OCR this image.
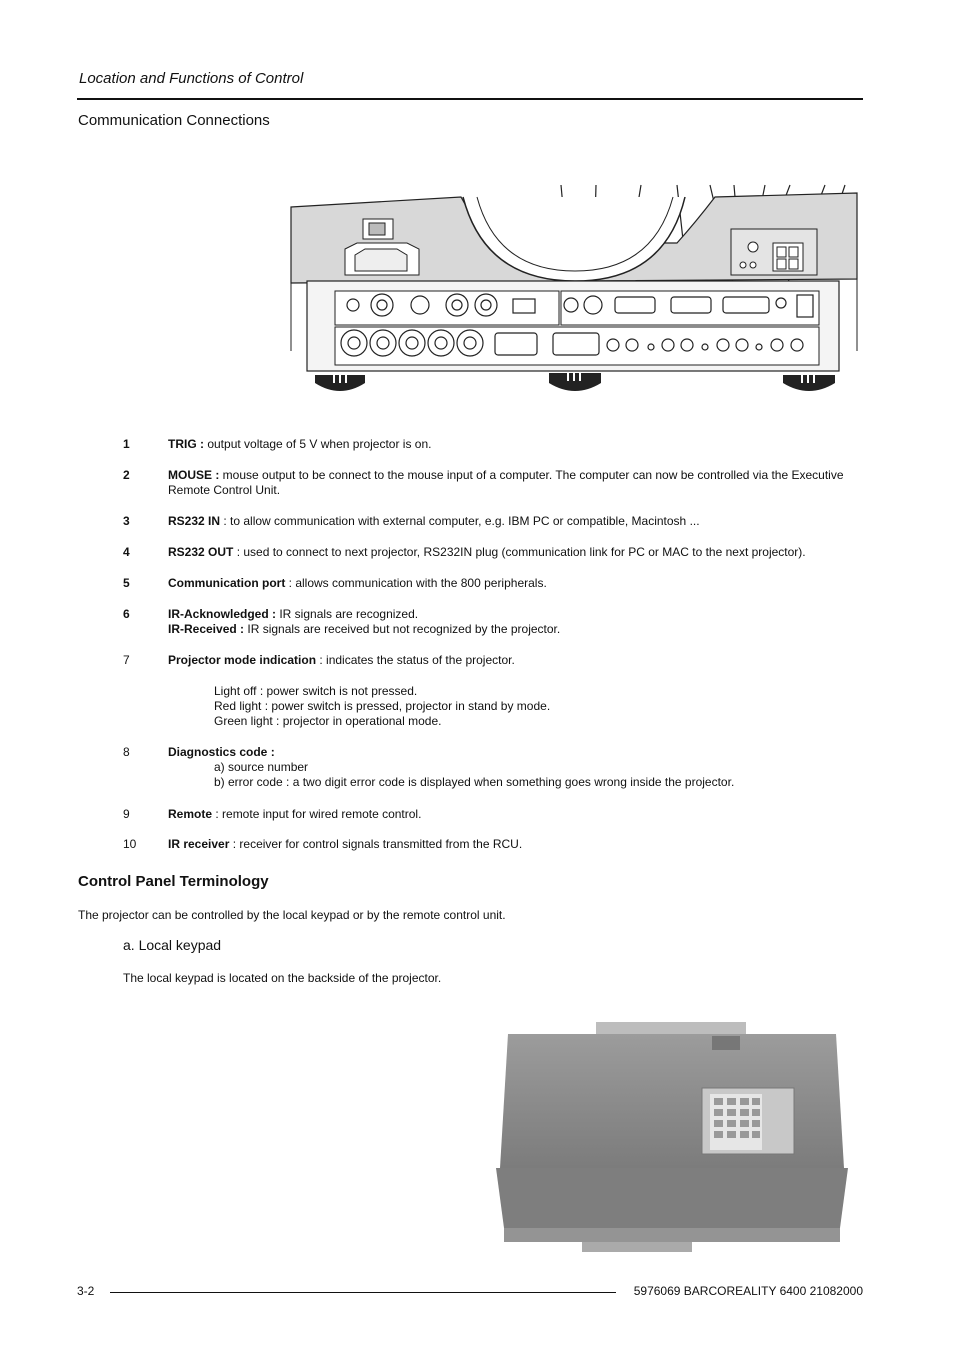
Location and Functions of Control
Communication Connections
1	TRIG : output voltage of 5 V when projector is on.
2	MOUSE : mouse output to be connect to the mouse input of a computer. The computer can now be controlled via the Executive Remote Control Unit.
3	RS232 IN : to allow communication with external computer, e.g. IBM PC or compatible, Macintosh ...
4	RS232 OUT : used to connect to next projector, RS232IN plug (communication link for PC or MAC to the next projector).
5	Communication port : allows communication with the 800 peripherals.
6	IR-Acknowledged : IR signals are recognized.
IR-Received : IR signals are received but not recognized by the projector.
7	Projector mode indication : indicates the status of the projector.
Light off : power switch is not pressed.
Red light : power switch is pressed, projector in stand by mode.
Green light : projector in operational mode.
8	Diagnostics code :
a) source number
b) error code : a two digit error code is displayed when something goes wrong inside the projector.
9	Remote : remote input for wired remote control.
10	IR receiver : receiver for control signals transmitted from the RCU.
Control Panel Terminology
The projector can be controlled by the local keypad or by the remote control unit.
a. Local keypad
The local keypad is located on the backside of the projector.
3-2	5976069 BARCOREALITY 6400 21082000
